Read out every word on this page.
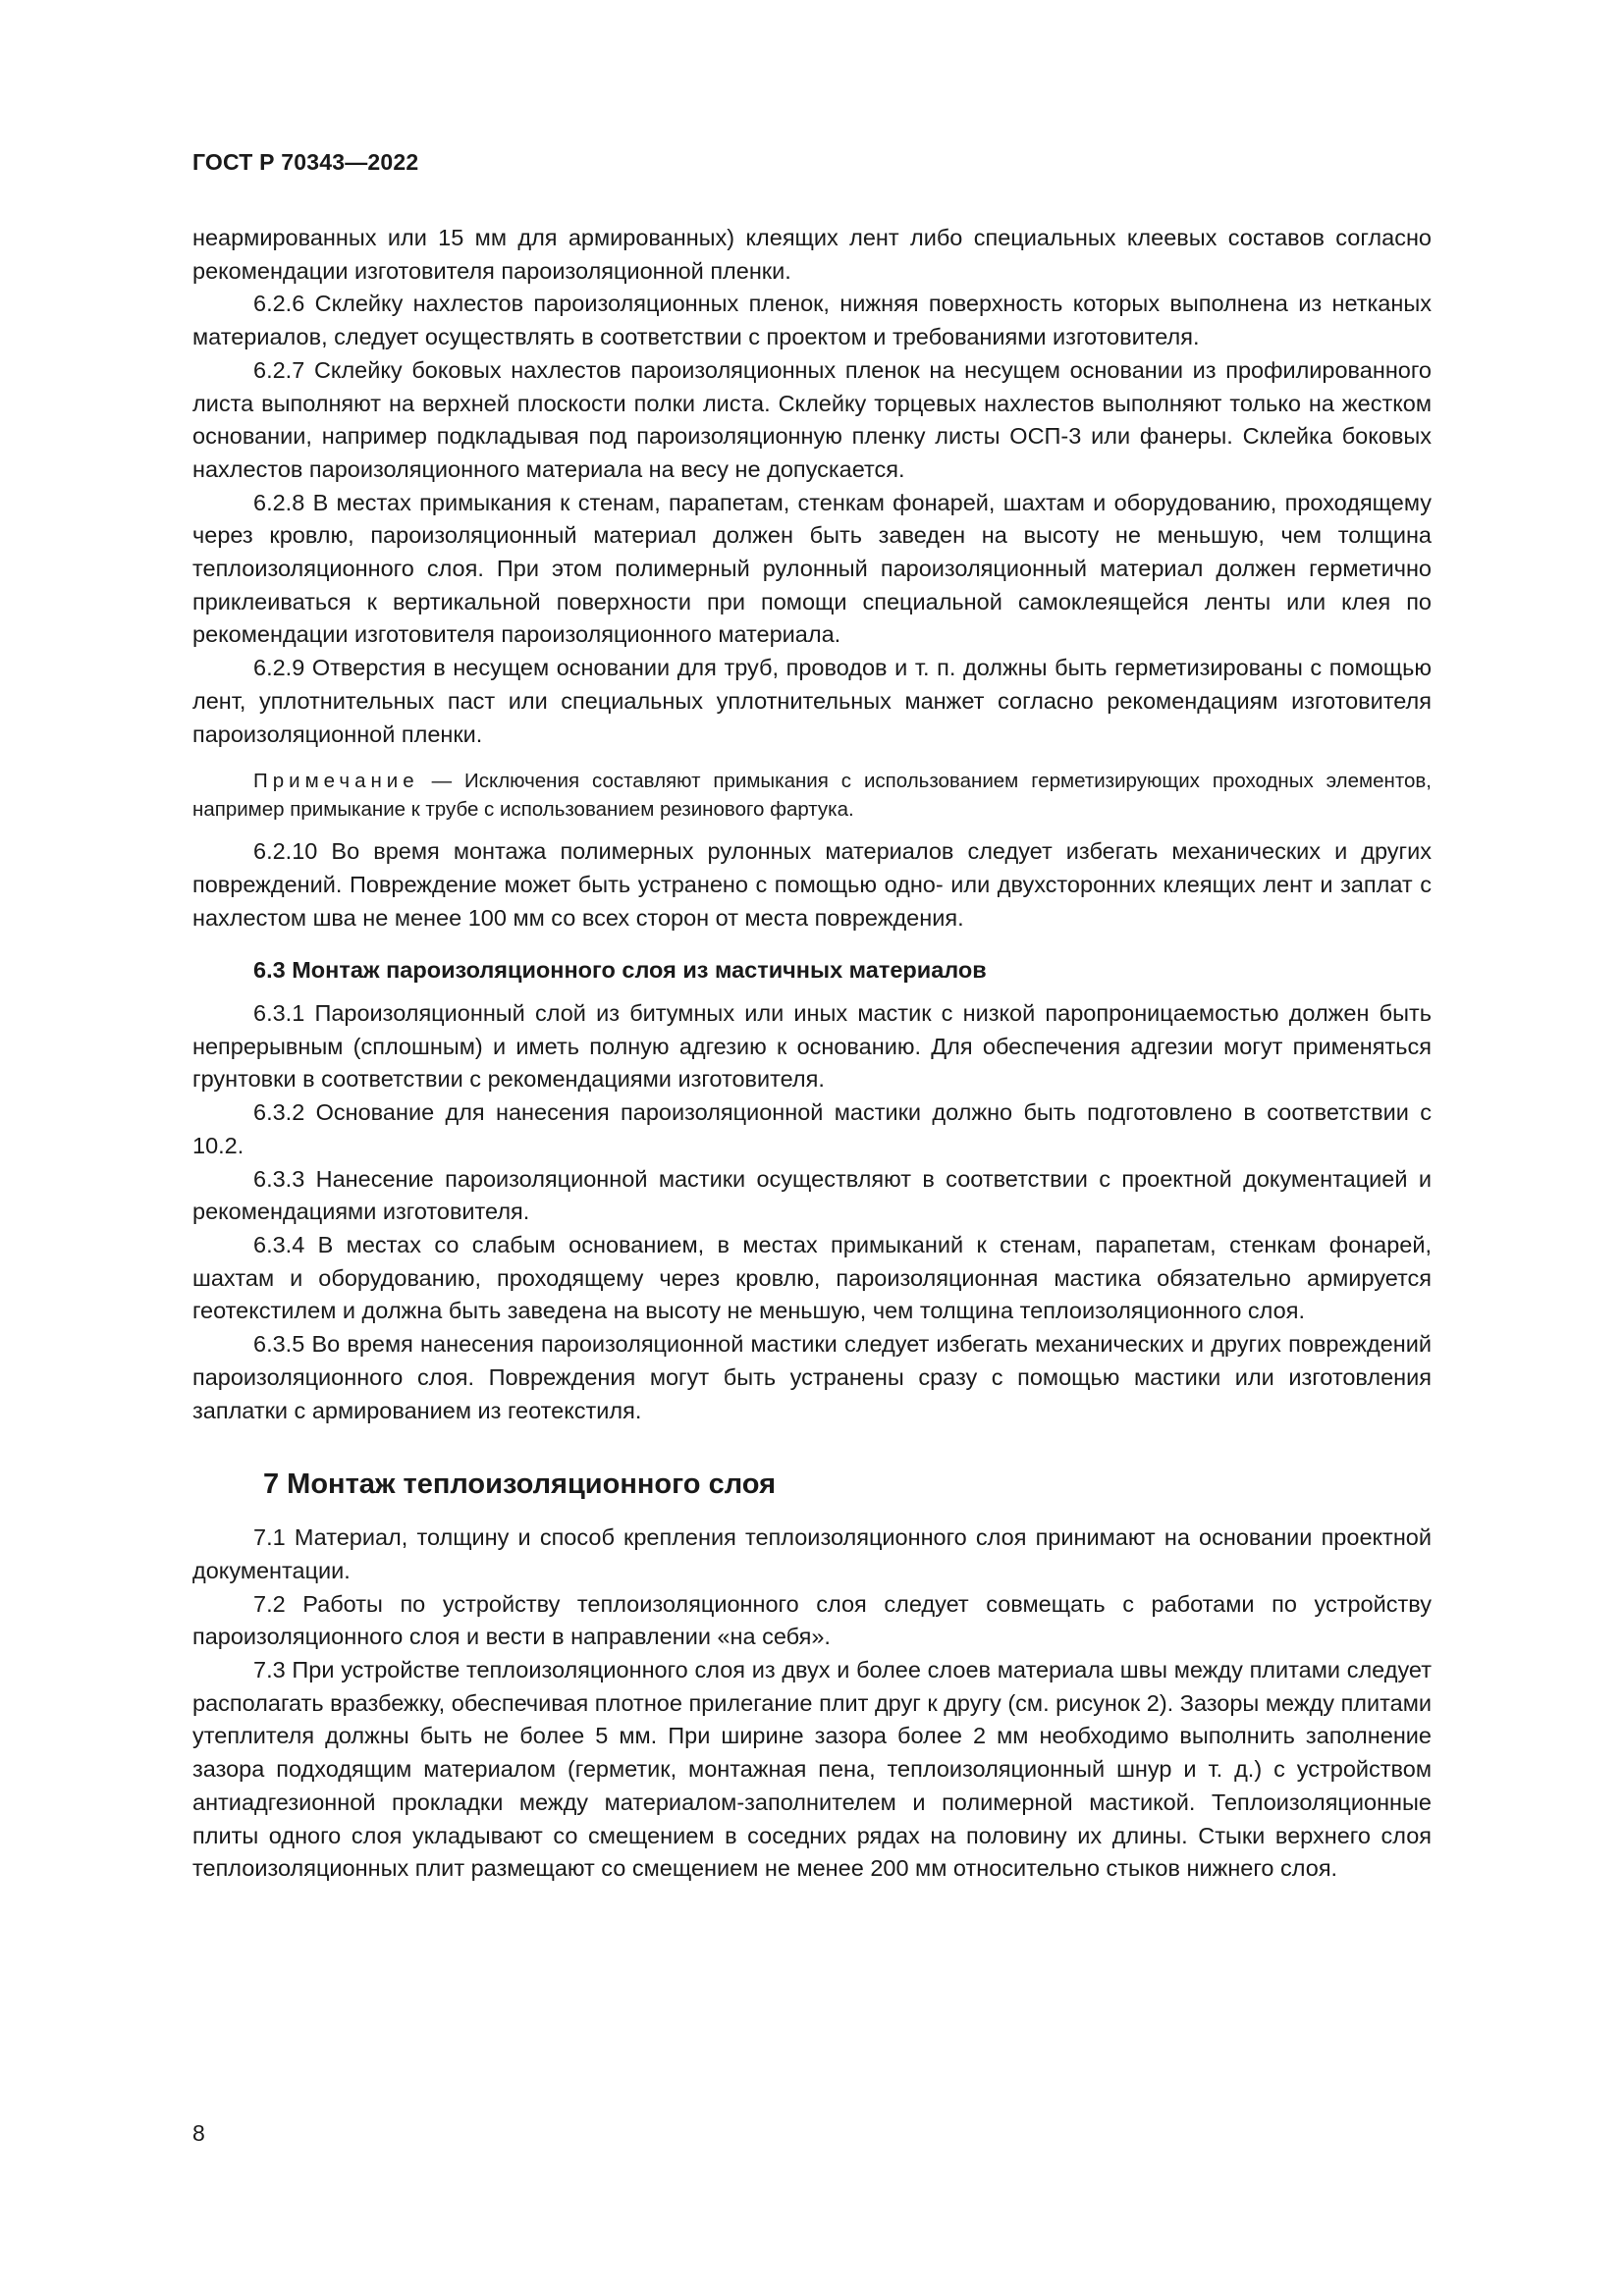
ГОСТ Р 70343—2022

неармированных или 15 мм для армированных) клеящих лент либо специальных клеевых составов согласно рекомендации изготовителя пароизоляционной пленки.

6.2.6 Склейку нахлестов пароизоляционных пленок, нижняя поверхность которых выполнена из нетканых материалов, следует осуществлять в соответствии с проектом и требованиями изготовителя.

6.2.7 Склейку боковых нахлестов пароизоляционных пленок на несущем основании из профилированного листа выполняют на верхней плоскости полки листа. Склейку торцевых нахлестов выполняют только на жестком основании, например подкладывая под пароизоляционную пленку листы ОСП-3 или фанеры. Склейка боковых нахлестов пароизоляционного материала на весу не допускается.

6.2.8 В местах примыкания к стенам, парапетам, стенкам фонарей, шахтам и оборудованию, проходящему через кровлю, пароизоляционный материал должен быть заведен на высоту не меньшую, чем толщина теплоизоляционного слоя. При этом полимерный рулонный пароизоляционный материал должен герметично приклеиваться к вертикальной поверхности при помощи специальной самоклеящейся ленты или клея по рекомендации изготовителя пароизоляционного материала.

6.2.9 Отверстия в несущем основании для труб, проводов и т. п. должны быть герметизированы с помощью лент, уплотнительных паст или специальных уплотнительных манжет согласно рекомендациям изготовителя пароизоляционной пленки.

Примечание — Исключения составляют примыкания с использованием герметизирующих проходных элементов, например примыкание к трубе с использованием резинового фартука.

6.2.10 Во время монтажа полимерных рулонных материалов следует избегать механических и других повреждений. Повреждение может быть устранено с помощью одно- или двухсторонних клеящих лент и заплат с нахлестом шва не менее 100 мм со всех сторон от места повреждения.

6.3 Монтаж пароизоляционного слоя из мастичных материалов

6.3.1 Пароизоляционный слой из битумных или иных мастик с низкой паропроницаемостью должен быть непрерывным (сплошным) и иметь полную адгезию к основанию. Для обеспечения адгезии могут применяться грунтовки в соответствии с рекомендациями изготовителя.

6.3.2 Основание для нанесения пароизоляционной мастики должно быть подготовлено в соответствии с 10.2.

6.3.3 Нанесение пароизоляционной мастики осуществляют в соответствии с проектной документацией и рекомендациями изготовителя.

6.3.4 В местах со слабым основанием, в местах примыканий к стенам, парапетам, стенкам фонарей, шахтам и оборудованию, проходящему через кровлю, пароизоляционная мастика обязательно армируется геотекстилем и должна быть заведена на высоту не меньшую, чем толщина теплоизоляционного слоя.

6.3.5 Во время нанесения пароизоляционной мастики следует избегать механических и других повреждений пароизоляционного слоя. Повреждения могут быть устранены сразу с помощью мастики или изготовления заплатки с армированием из геотекстиля.

7 Монтаж теплоизоляционного слоя

7.1 Материал, толщину и способ крепления теплоизоляционного слоя принимают на основании проектной документации.

7.2 Работы по устройству теплоизоляционного слоя следует совмещать с работами по устройству пароизоляционного слоя и вести в направлении «на себя».

7.3 При устройстве теплоизоляционного слоя из двух и более слоев материала швы между плитами следует располагать вразбежку, обеспечивая плотное прилегание плит друг к другу (см. рисунок 2). Зазоры между плитами утеплителя должны быть не более 5 мм. При ширине зазора более 2 мм необходимо выполнить заполнение зазора подходящим материалом (герметик, монтажная пена, теплоизоляционный шнур и т. д.) с устройством антиадгезионной прокладки между материалом-заполнителем и полимерной мастикой. Теплоизоляционные плиты одного слоя укладывают со смещением в соседних рядах на половину их длины. Стыки верхнего слоя теплоизоляционных плит размещают со смещением не менее 200 мм относительно стыков нижнего слоя.

8
